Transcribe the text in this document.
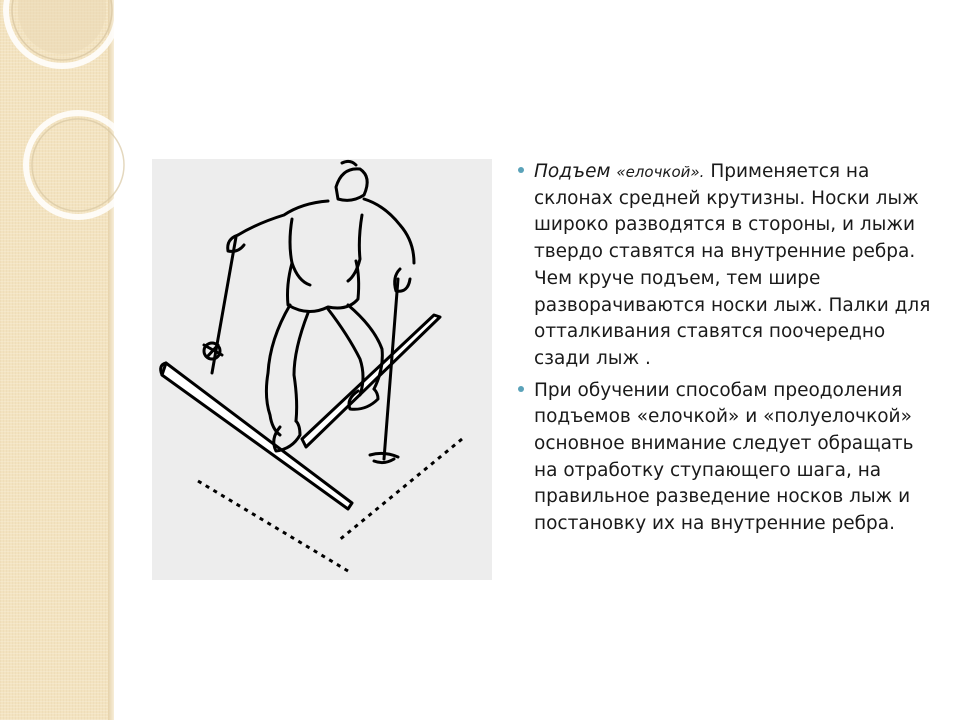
Подъем «елочкой». Применяется на склонах средней крутизны. Носки лыж широко разводятся в стороны, и лыжи твердо ставятся на внутренние ребра. Чем круче подъем, тем шире разворачиваются носки лыж. Палки для отталкивания ставятся поочередно сзади лыж .
При обучении способам преодоления подъемов «елочкой» и «полуелочкой» основное внимание следует обращать на отработку ступающего шага, на правильное разведение носков лыж и постановку их на внутренние ребра.
